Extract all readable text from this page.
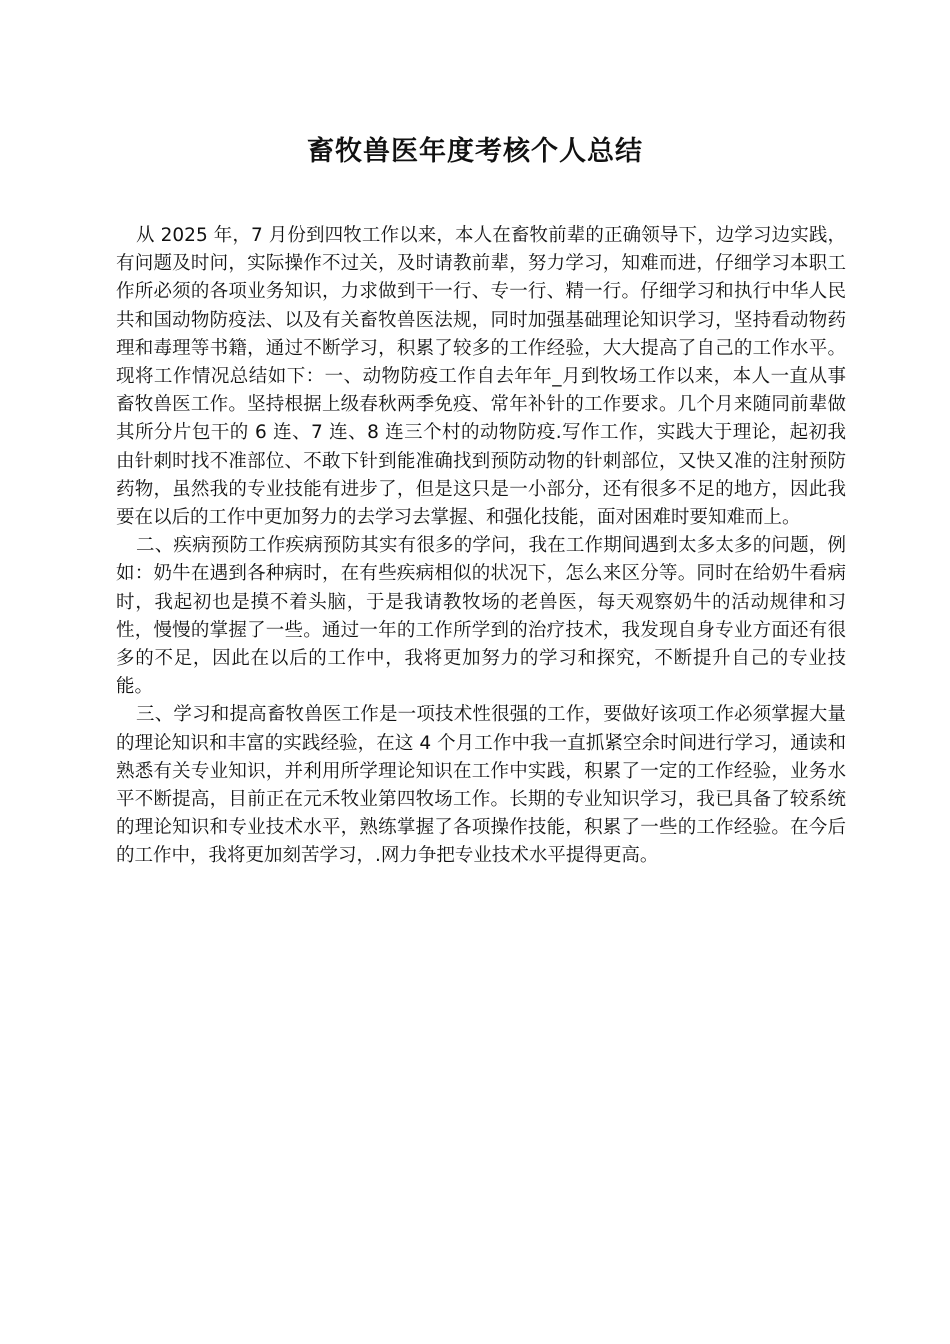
畜牧兽医年度考核个人总结

从 2025 年，7 月份到四牧工作以来，本人在畜牧前辈的正确领导下，边学习边实践，有问题及时问，实际操作不过关，及时请教前辈，努力学习，知难而进，仔细学习本职工作所必须的各项业务知识，力求做到干一行、专一行、精一行。仔细学习和执行中华人民共和国动物防疫法、以及有关畜牧兽医法规，同时加强基础理论知识学习，坚持看动物药理和毒理等书籍，通过不断学习，积累了较多的工作经验，大大提高了自己的工作水平。现将工作情况总结如下：一、动物防疫工作自去年年_月到牧场工作以来，本人一直从事畜牧兽医工作。坚持根据上级春秋两季免疫、常年补针的工作要求。几个月来随同前辈做其所分片包干的 6 连、7 连、8 连三个村的动物防疫.写作工作，实践大于理论，起初我由针刺时找不准部位、不敢下针到能准确找到预防动物的针刺部位，又快又准的注射预防药物，虽然我的专业技能有进步了，但是这只是一小部分，还有很多不足的地方，因此我要在以后的工作中更加努力的去学习去掌握、和强化技能，面对困难时要知难而上。

二、疾病预防工作疾病预防其实有很多的学问，我在工作期间遇到太多太多的问题，例如：奶牛在遇到各种病时，在有些疾病相似的状况下，怎么来区分等。同时在给奶牛看病时，我起初也是摸不着头脑，于是我请教牧场的老兽医，每天观察奶牛的活动规律和习性，慢慢的掌握了一些。通过一年的工作所学到的治疗技术，我发现自身专业方面还有很多的不足，因此在以后的工作中，我将更加努力的学习和探究，不断提升自己的专业技能。

三、学习和提高畜牧兽医工作是一项技术性很强的工作，要做好该项工作必须掌握大量的理论知识和丰富的实践经验，在这 4 个月工作中我一直抓紧空余时间进行学习，通读和熟悉有关专业知识，并利用所学理论知识在工作中实践，积累了一定的工作经验，业务水平不断提高，目前正在元禾牧业第四牧场工作。长期的专业知识学习，我已具备了较系统的理论知识和专业技术水平，熟练掌握了各项操作技能，积累了一些的工作经验。在今后的工作中，我将更加刻苦学习，.网力争把专业技术水平提得更高。
